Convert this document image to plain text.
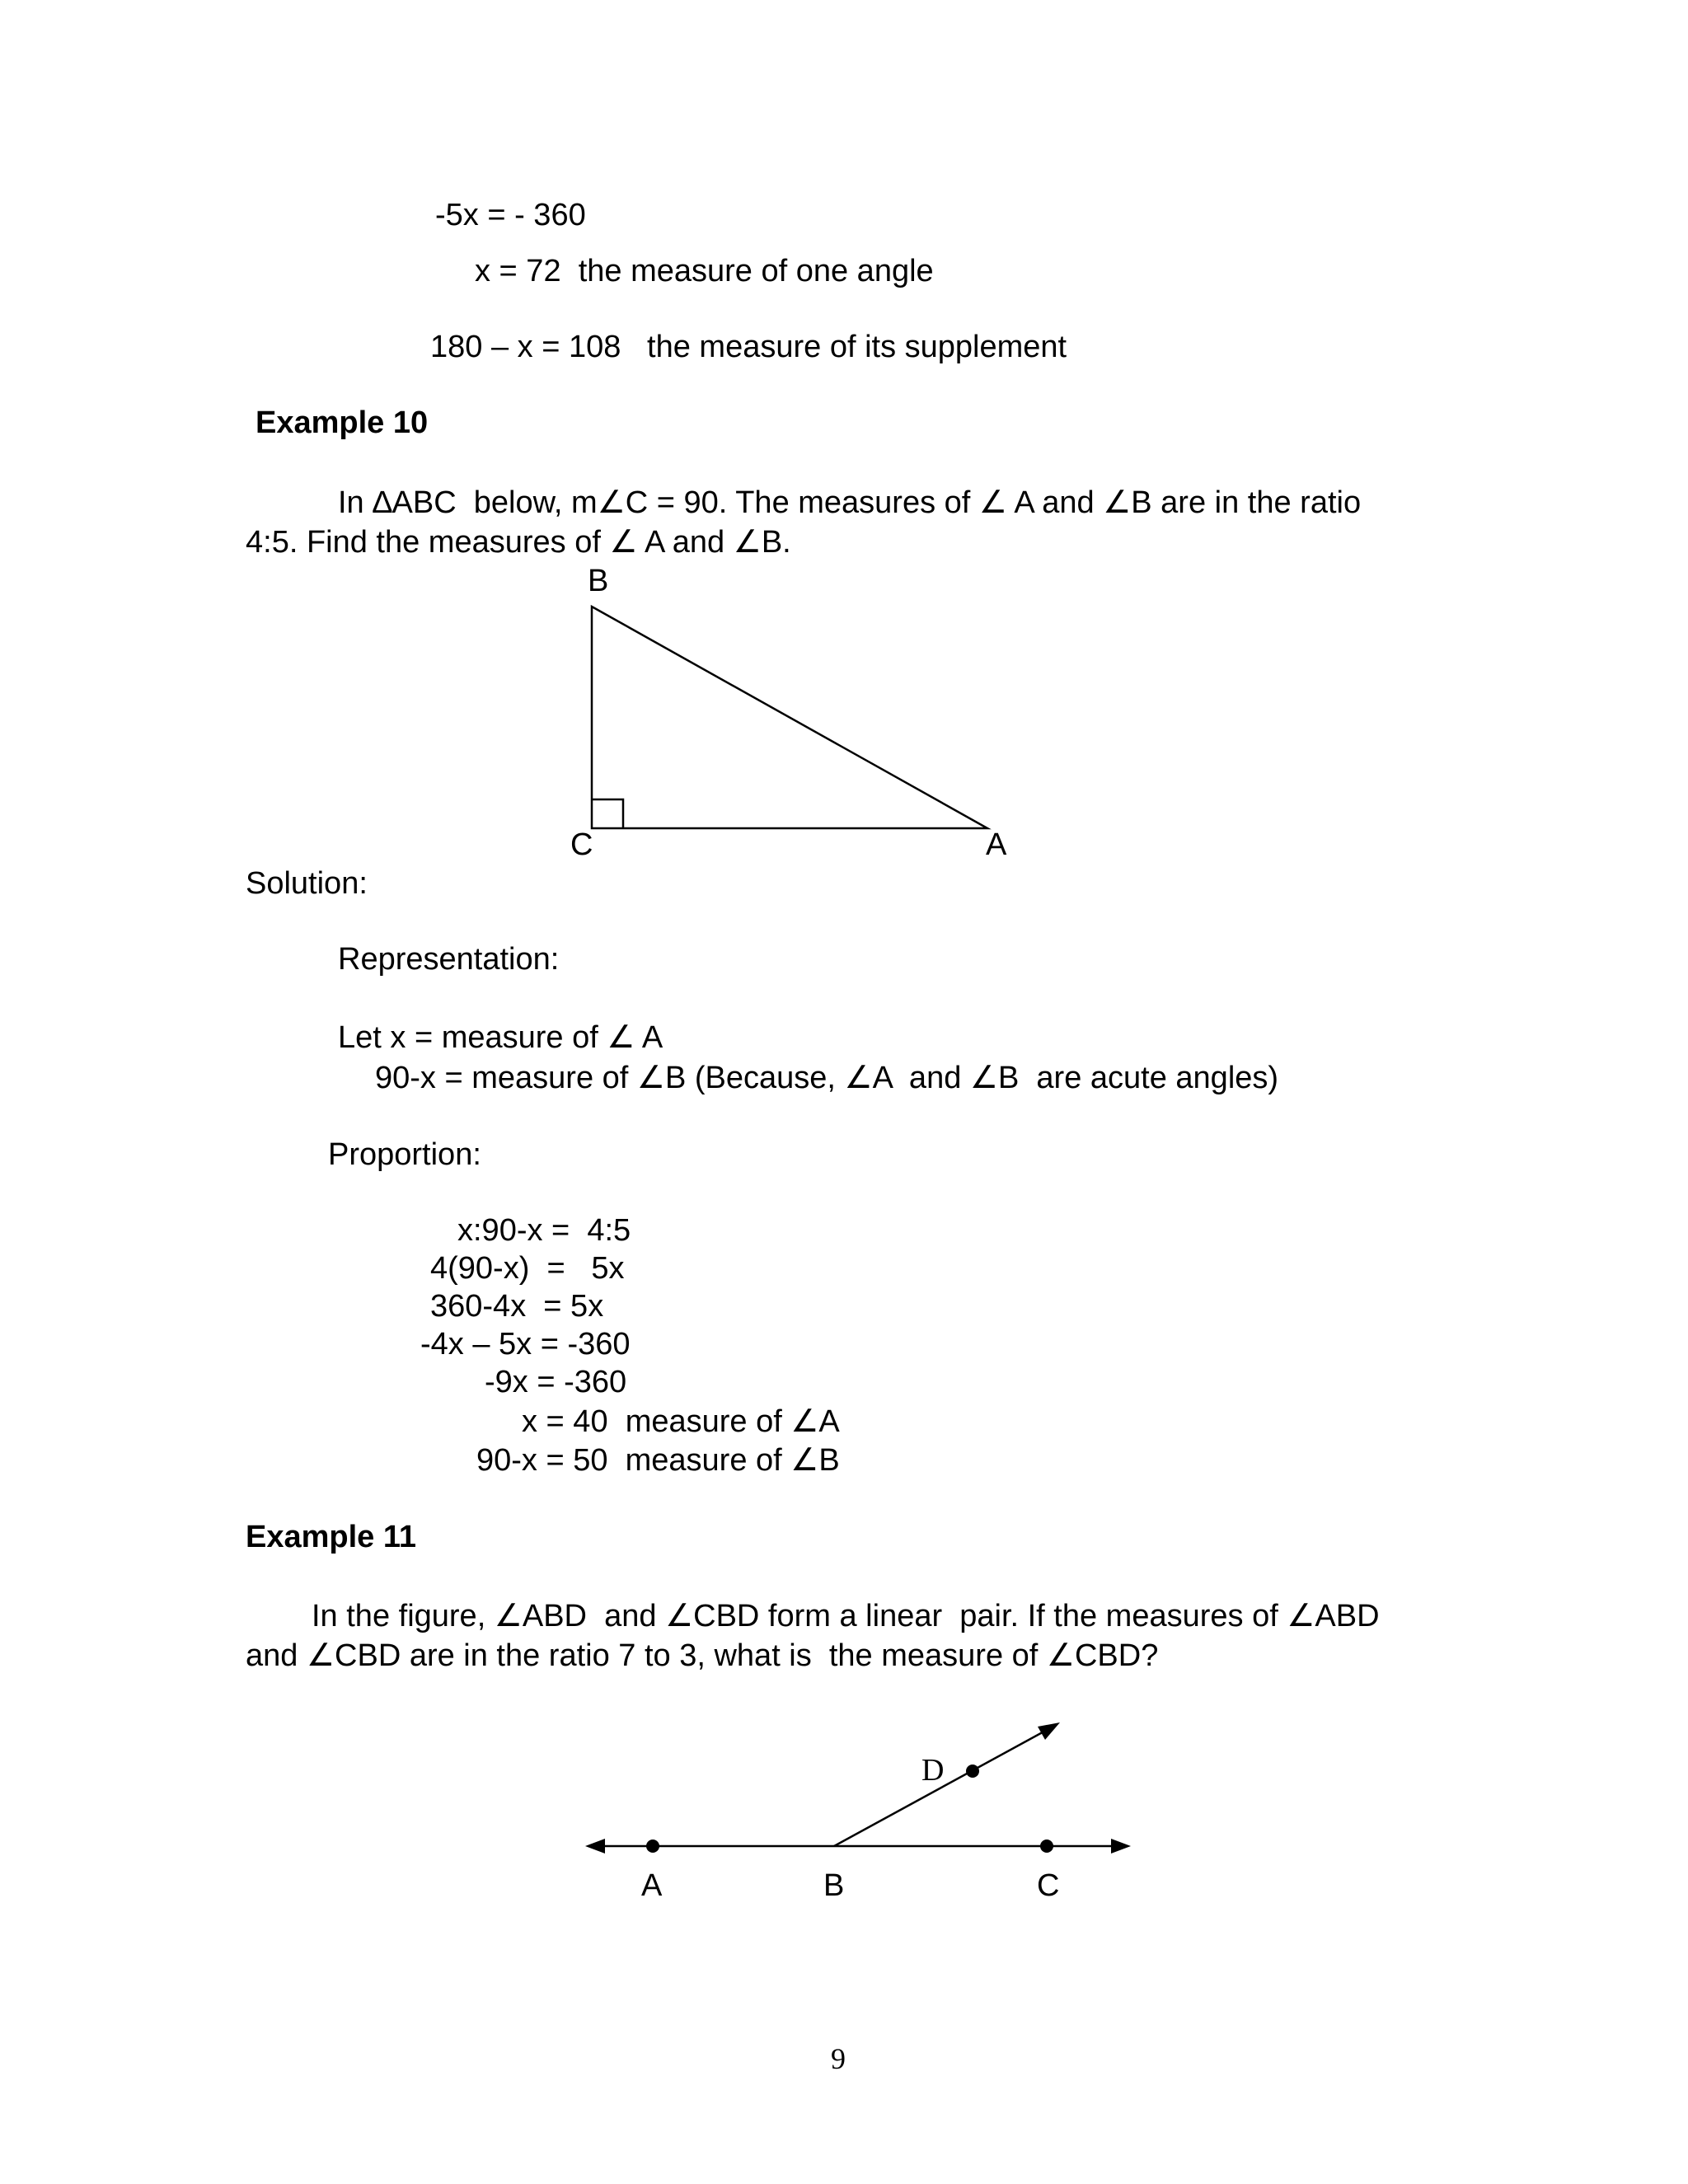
-5x = - 360
x = 72  the measure of one angle
180 – x = 108   the measure of its supplement
Example 10
In ∆ABC  below, m∠C = 90. The measures of ∠ A and ∠B are in the ratio
4:5. Find the measures of ∠ A and ∠B.
B
C	A
Solution:
Representation:
Let x = measure of ∠ A
90-x = measure of ∠B (Because, ∠A  and ∠B  are acute angles)
Proportion:
x:90-x =  4:5
4(90-x)  =   5x
360-4x  = 5x
-4x – 5x = -360
-9x = -360
x = 40  measure of ∠A
90-x = 50  measure of ∠B
Example 11
In the figure, ∠ABD  and ∠CBD form a linear  pair. If the measures of ∠ABD
and ∠CBD are in the ratio 7 to 3, what is  the measure of ∠CBD?
D
A	B	C
9
